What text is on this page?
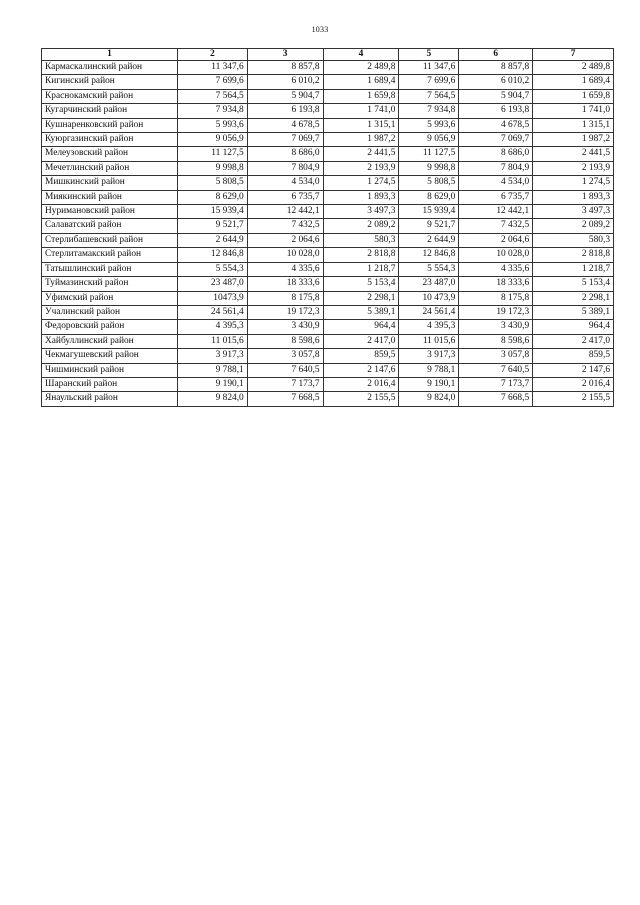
1033
1	2	3	4	5	6	7
Кармаскалинский район	11 347,6	8 857,8	2 489,8	11 347,6	8 857,8	2 489,8
Кигинский район	7 699,6	6 010,2	1 689,4	7 699,6	6 010,2	1 689,4
Краснокамский район	7 564,5	5 904,7	1 659,8	7 564,5	5 904,7	1 659,8
Кугарчинский район	7 934,8	6 193,8	1 741,0	7 934,8	6 193,8	1 741,0
Кушнаренковский район	5 993,6	4 678,5	1 315,1	5 993,6	4 678,5	1 315,1
Куюргазинский район	9 056,9	7 069,7	1 987,2	9 056,9	7 069,7	1 987,2
Мелеузовский район	11 127,5	8 686,0	2 441,5	11 127,5	8 686,0	2 441,5
Мечетлинский район	9 998,8	7 804,9	2 193,9	9 998,8	7 804,9	2 193,9
Мишкинский район	5 808,5	4 534,0	1 274,5	5 808,5	4 534,0	1 274,5
Миякинский район	8 629,0	6 735,7	1 893,3	8 629,0	6 735,7	1 893,3
Нуримановский район	15 939,4	12 442,1	3 497,3	15 939,4	12 442,1	3 497,3
Салаватский район	9 521,7	7 432,5	2 089,2	9 521,7	7 432,5	2 089,2
Стерлибашевский район	2 644,9	2 064,6	580,3	2 644,9	2 064,6	580,3
Стерлитамакский район	12 846,8	10 028,0	2 818,8	12 846,8	10 028,0	2 818,8
Татышлинский район	5 554,3	4 335,6	1 218,7	5 554,3	4 335,6	1 218,7
Туймазинский район	23 487,0	18 333,6	5 153,4	23 487,0	18 333,6	5 153,4
Уфимский район	10473,9	8 175,8	2 298,1	10 473,9	8 175,8	2 298,1
Учалинский район	24 561,4	19 172,3	5 389,1	24 561,4	19 172,3	5 389,1
Федоровский район	4 395,3	3 430,9	964,4	4 395,3	3 430,9	964,4
Хайбуллинский район	11 015,6	8 598,6	2 417,0	11 015,6	8 598,6	2 417,0
Чекмагушевский район	3 917,3	3 057,8	859,5	3 917,3	3 057,8	859,5
Чишминский район	9 788,1	7 640,5	2 147,6	9 788,1	7 640,5	2 147,6
Шаранский район	9 190,1	7 173,7	2 016,4	9 190,1	7 173,7	2 016,4
Янаульский район	9 824,0	7 668,5	2 155,5	9 824,0	7 668,5	2 155,5
